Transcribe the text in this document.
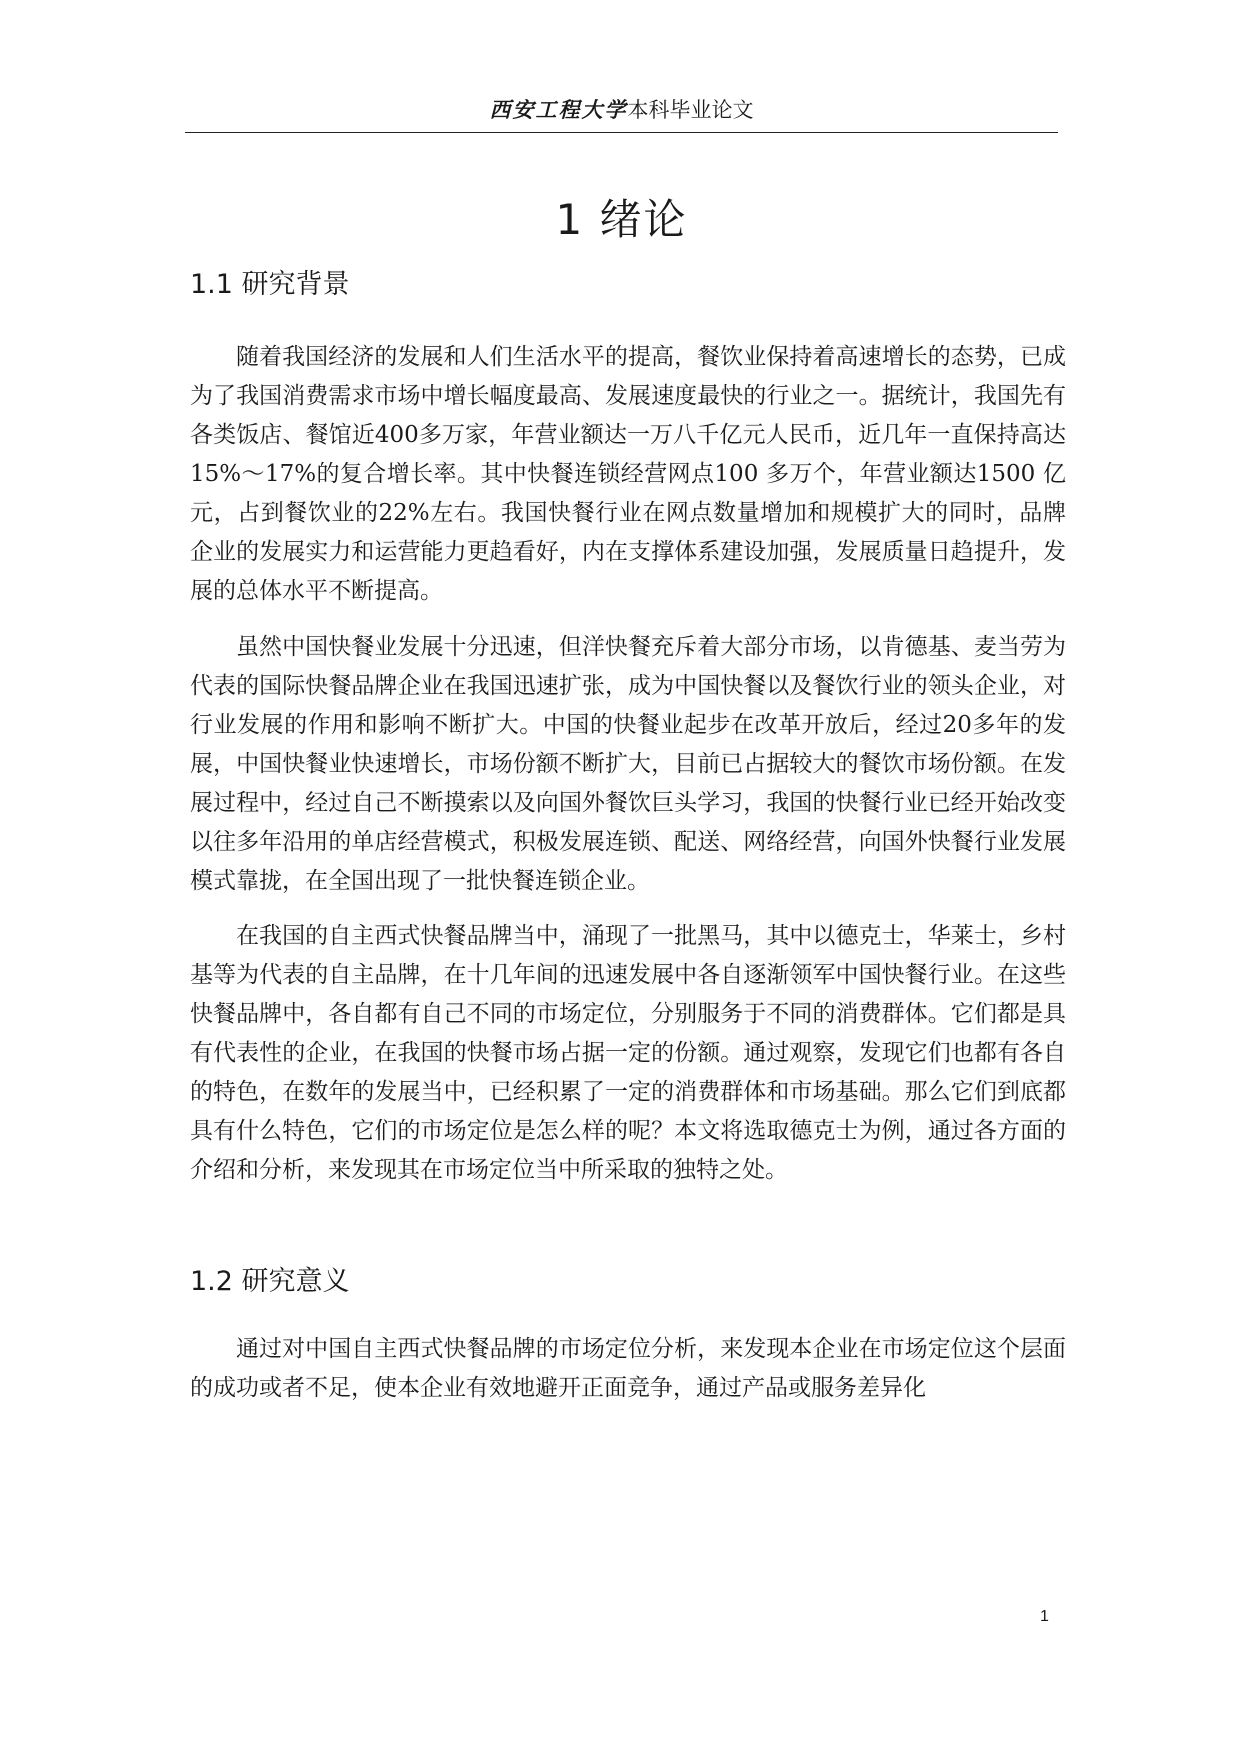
西安工程大学本科毕业论文
1 绪论
1.1 研究背景

随着我国经济的发展和人们生活水平的提高，餐饮业保持着高速增长的态势，已成为了我国消费需求市场中增长幅度最高、发展速度最快的行业之一。据统计，我国先有各类饭店、餐馆近400多万家，年营业额达一万八千亿元人民币，近几年一直保持高达15%～17%的复合增长率。其中快餐连锁经营网点100 多万个，年营业额达1500 亿元，占到餐饮业的22%左右。我国快餐行业在网点数量增加和规模扩大的同时，品牌企业的发展实力和运营能力更趋看好，内在支撑体系建设加强，发展质量日趋提升，发展的总体水平不断提高。

虽然中国快餐业发展十分迅速，但洋快餐充斥着大部分市场，以肯德基、麦当劳为代表的国际快餐品牌企业在我国迅速扩张，成为中国快餐以及餐饮行业的领头企业，对行业发展的作用和影响不断扩大。中国的快餐业起步在改革开放后，经过20多年的发展，中国快餐业快速增长，市场份额不断扩大，目前已占据较大的餐饮市场份额。在发展过程中，经过自己不断摸索以及向国外餐饮巨头学习，我国的快餐行业已经开始改变以往多年沿用的单店经营模式，积极发展连锁、配送、网络经营，向国外快餐行业发展模式靠拢，在全国出现了一批快餐连锁企业。

在我国的自主西式快餐品牌当中，涌现了一批黑马，其中以德克士，华莱士，乡村基等为代表的自主品牌，在十几年间的迅速发展中各自逐渐领军中国快餐行业。在这些快餐品牌中，各自都有自己不同的市场定位，分别服务于不同的消费群体。它们都是具有代表性的企业，在我国的快餐市场占据一定的份额。通过观察，发现它们也都有各自的特色，在数年的发展当中，已经积累了一定的消费群体和市场基础。那么它们到底都具有什么特色，它们的市场定位是怎么样的呢？本文将选取德克士为例，通过各方面的介绍和分析，来发现其在市场定位当中所采取的独特之处。

1.2 研究意义

通过对中国自主西式快餐品牌的市场定位分析，来发现本企业在市场定位这个层面的成功或者不足，使本企业有效地避开正面竞争，通过产品或服务差异化

1
